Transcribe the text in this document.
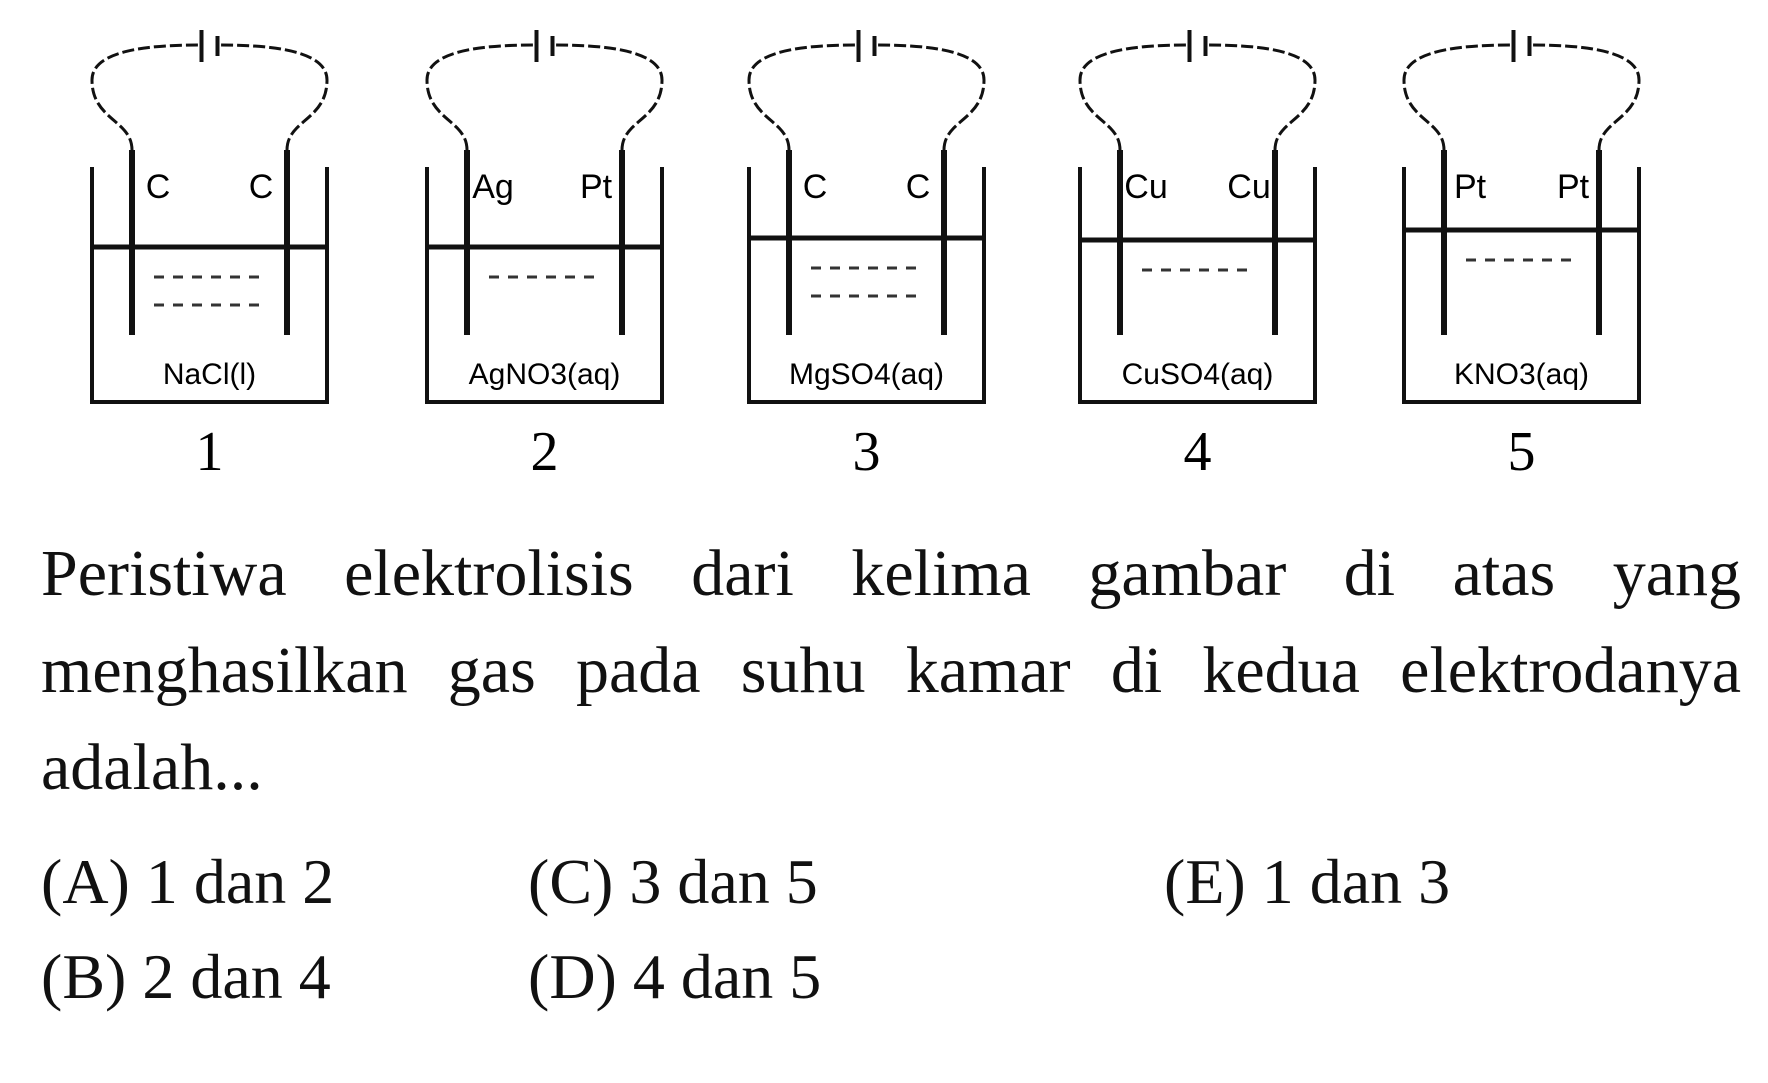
C C
NaCl(l)
1
Ag Pt
AgNO3(aq)
2
C C
MgSO4(aq)
3
Cu Cu
CuSO4(aq)
4
Pt Pt
KNO3(aq)
5

Peristiwa elektrolisis dari kelima gambar di atas yang menghasilkan gas pada suhu kamar di kedua elektrodanya adalah...

(A) 1 dan 2
(B) 2 dan 4
(C) 3 dan 5
(D) 4 dan 5
(E) 1 dan 3
